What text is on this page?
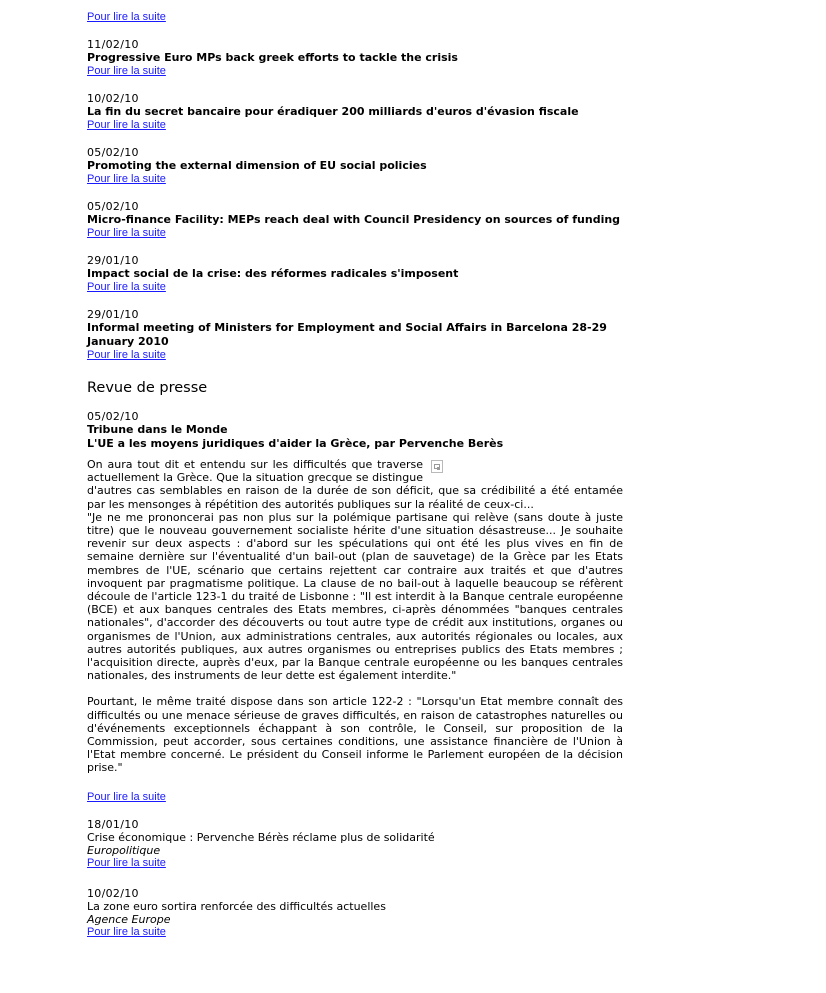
Pour lire la suite
11/02/10
Progressive Euro MPs back greek efforts to tackle the crisis
Pour lire la suite
10/02/10
La fin du secret bancaire pour éradiquer 200 milliards d'euros d'évasion fiscale
Pour lire la suite
05/02/10
Promoting the external dimension of EU social policies
Pour lire la suite
05/02/10
Micro-finance Facility: MEPs reach deal with Council Presidency on sources of funding
Pour lire la suite
29/01/10
Impact social de la crise: des réformes radicales s'imposent
Pour lire la suite
29/01/10
Informal meeting of Ministers for Employment and Social Affairs in Barcelona 28-29 January 2010
Pour lire la suite
Revue de presse
05/02/10
Tribune dans le Monde
L'UE a les moyens juridiques d'aider la Grèce, par Pervenche Berès

On aura tout dit et entendu sur les difficultés que traverse actuellement la Grèce. Que la situation grecque se distingue d'autres cas semblables en raison de la durée de son déficit, que sa crédibilité a été entamée par les mensonges à répétition des autorités publiques sur la réalité de ceux-ci...

"Je ne me prononcerai pas non plus sur la polémique partisane qui relève (sans doute à juste titre) que le nouveau gouvernement socialiste hérite d'une situation désastreuse... Je souhaite revenir sur deux aspects : d'abord sur les spéculations qui ont été les plus vives en fin de semaine dernière sur l'éventualité d'un bail-out (plan de sauvetage) de la Grèce par les Etats membres de l'UE, scénario que certains rejettent car contraire aux traités et que d'autres invoquent par pragmatisme politique. La clause de no bail-out à laquelle beaucoup se réfèrent découle de l'article 123-1 du traité de Lisbonne : "Il est interdit à la Banque centrale européenne (BCE) et aux banques centrales des Etats membres, ci-après dénommées "banques centrales nationales", d'accorder des découverts ou tout autre type de crédit aux institutions, organes ou organismes de l'Union, aux administrations centrales, aux autorités régionales ou locales, aux autres autorités publiques, aux autres organismes ou entreprises publics des Etats membres ; l'acquisition directe, auprès d'eux, par la Banque centrale européenne ou les banques centrales nationales, des instruments de leur dette est également interdite."

Pourtant, le même traité dispose dans son article 122-2 : "Lorsqu'un Etat membre connaît des difficultés ou une menace sérieuse de graves difficultés, en raison de catastrophes naturelles ou d'événements exceptionnels échappant à son contrôle, le Conseil, sur proposition de la Commission, peut accorder, sous certaines conditions, une assistance financière de l'Union à l'Etat membre concerné. Le président du Conseil informe le Parlement européen de la décision prise."

Pour lire la suite
18/01/10
Crise économique : Pervenche Bérès réclame plus de solidarité
Europolitique
Pour lire la suite
10/02/10
La zone euro sortira renforcée des difficultés actuelles
Agence Europe
Pour lire la suite
